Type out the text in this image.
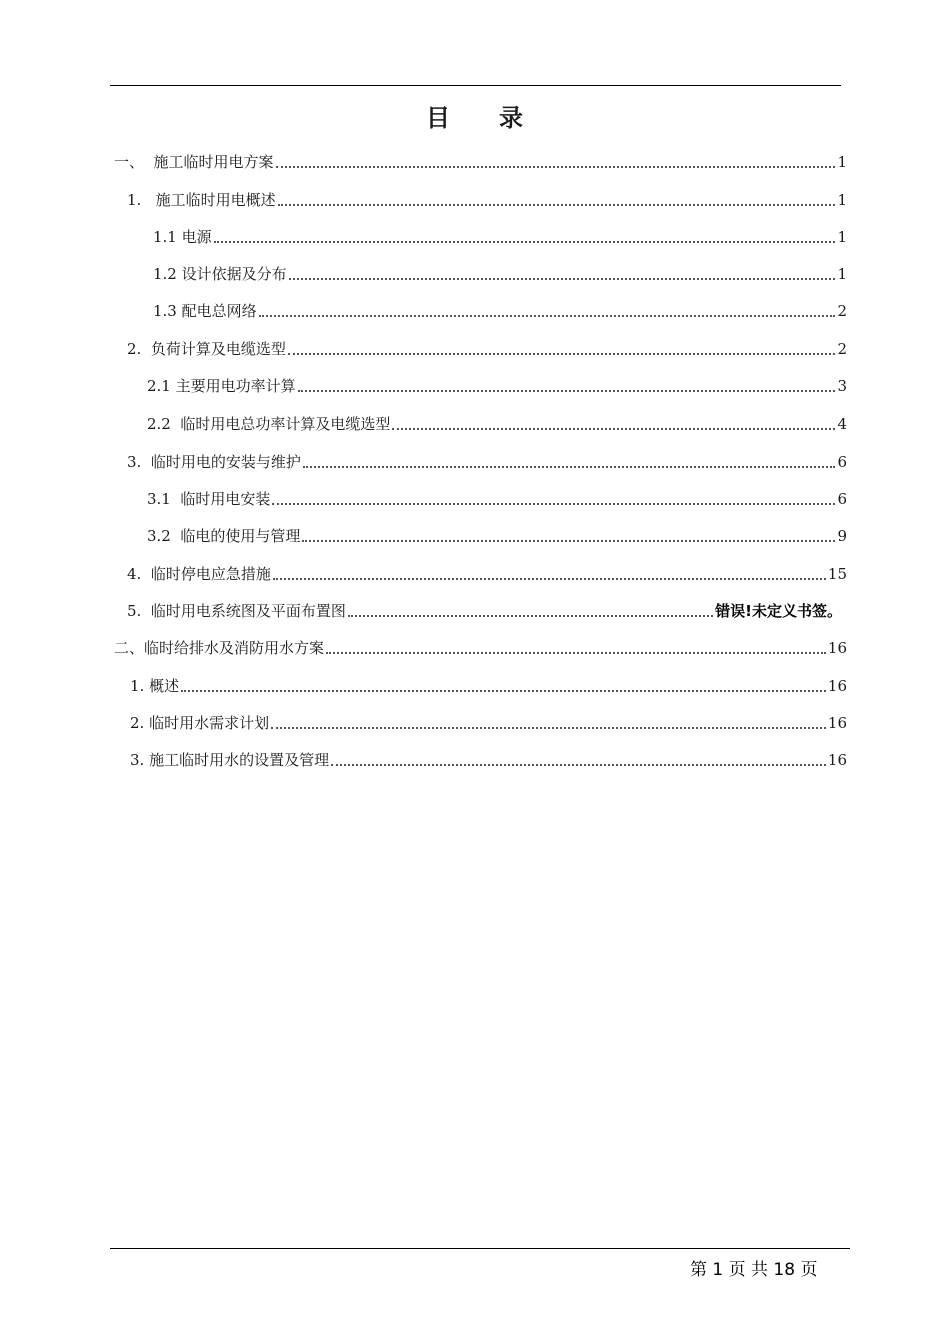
目 录
一、  施工临时用电方案	1
1.   施工临时用电概述	1
1.1 电源	1
1.2 设计依据及分布	1
1.3 配电总网络	2
2.  负荷计算及电缆选型	2
2.1 主要用电功率计算	3
2.2  临时用电总功率计算及电缆选型	4
3.  临时用电的安装与维护	6
3.1  临时用电安装	6
3.2  临电的使用与管理	9
4.  临时停电应急措施	15
5.  临时用电系统图及平面布置图	错误!未定义书签。
二、临时给排水及消防用水方案	16
1. 概述	16
2. 临时用水需求计划	16
3. 施工临时用水的设置及管理	16
第 1 页 共 18 页
